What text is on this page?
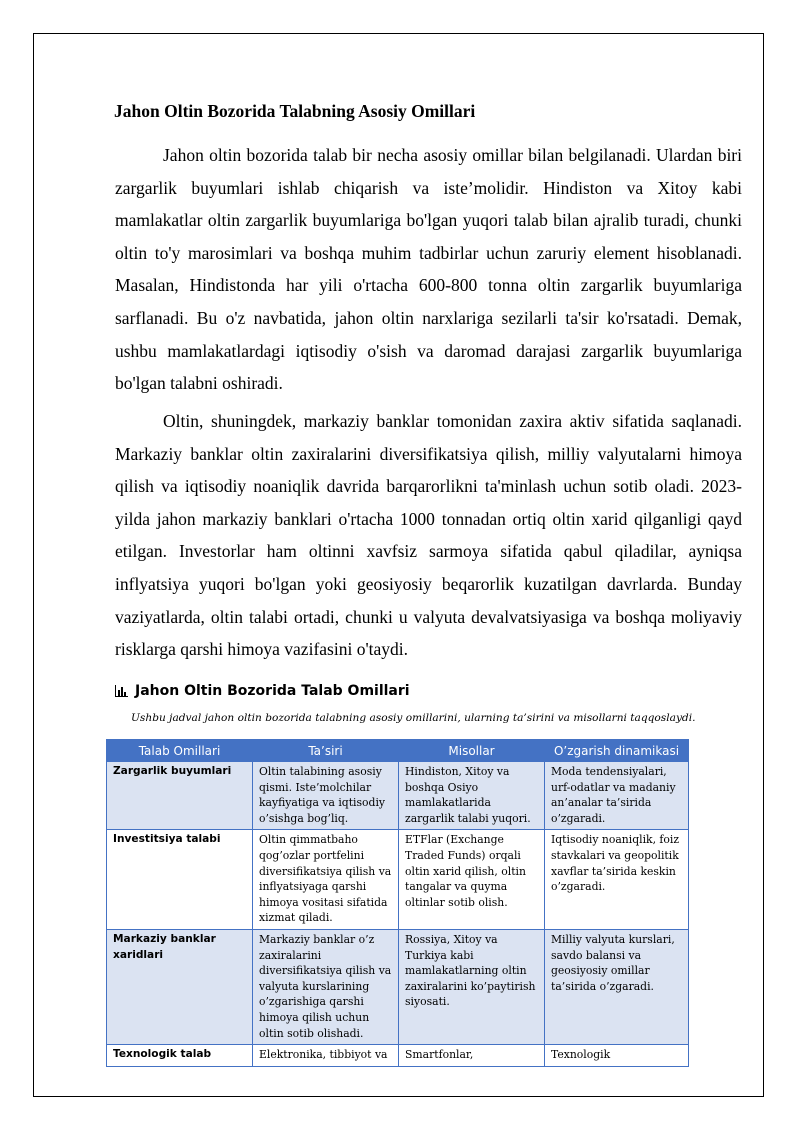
Jahon Oltin Bozorida Talabning Asosiy Omillari

Jahon oltin bozorida talab bir necha asosiy omillar bilan belgilanadi. Ulardan biri zargarlik buyumlari ishlab chiqarish va iste’molidir. Hindiston va Xitoy kabi mamlakatlar oltin zargarlik buyumlariga bo'lgan yuqori talab bilan ajralib turadi, chunki oltin to'y marosimlari va boshqa muhim tadbirlar uchun zaruriy element hisoblanadi. Masalan, Hindistonda har yili o'rtacha 600-800 tonna oltin zargarlik buyumlariga sarflanadi. Bu o'z navbatida, jahon oltin narxlariga sezilarli ta'sir ko'rsatadi. Demak, ushbu mamlakatlardagi iqtisodiy o'sish va daromad darajasi zargarlik buyumlariga bo'lgan talabni oshiradi.

Oltin, shuningdek, markaziy banklar tomonidan zaxira aktiv sifatida saqlanadi. Markaziy banklar oltin zaxiralarini diversifikatsiya qilish, milliy valyutalarni himoya qilish va iqtisodiy noaniqlik davrida barqarorlikni ta'minlash uchun sotib oladi. 2023-yilda jahon markaziy banklari o'rtacha 1000 tonnadan ortiq oltin xarid qilganligi qayd etilgan. Investorlar ham oltinni xavfsiz sarmoya sifatida qabul qiladilar, ayniqsa inflyatsiya yuqori bo'lgan yoki geosiyosiy beqarorlik kuzatilgan davrlarda. Bunday vaziyatlarda, oltin talabi ortadi, chunki u valyuta devalvatsiyasiga va boshqa moliyaviy risklarga qarshi himoya vazifasini o'taydi.

Jahon Oltin Bozorida Talab Omillari

Ushbu jadval jahon oltin bozorida talabning asosiy omillarini, ularning ta’sirini va misollarni taqqoslaydi.

Talab Omillari	Ta’siri	Misollar	O’zgarish dinamikasi
Zargarlik buyumlari	Oltin talabining asosiy qismi. Iste’molchilar kayfiyatiga va iqtisodiy o’sishga bog’liq.	Hindiston, Xitoy va boshqa Osiyo mamlakatlarida zargarlik talabi yuqori.	Moda tendensiyalari, urf-odatlar va madaniy an’analar ta’sirida o’zgaradi.
Investitsiya talabi	Oltin qimmatbaho qog’ozlar portfelini diversifikatsiya qilish va inflyatsiyaga qarshi himoya vositasi sifatida xizmat qiladi.	ETFlar (Exchange Traded Funds) orqali oltin xarid qilish, oltin tangalar va quyma oltinlar sotib olish.	Iqtisodiy noaniqlik, foiz stavkalari va geopolitik xavflar ta’sirida keskin o’zgaradi.
Markaziy banklar xaridlari	Markaziy banklar o’z zaxiralarini diversifikatsiya qilish va valyuta kurslarining o’zgarishiga qarshi himoya qilish uchun oltin sotib olishadi.	Rossiya, Xitoy va Turkiya kabi mamlakatlarning oltin zaxiralarini ko’paytirish siyosati.	Milliy valyuta kurslari, savdo balansi va geosiyosiy omillar ta’sirida o’zgaradi.
Texnologik talab	Elektronika, tibbiyot va	Smartfonlar,	Texnologik
